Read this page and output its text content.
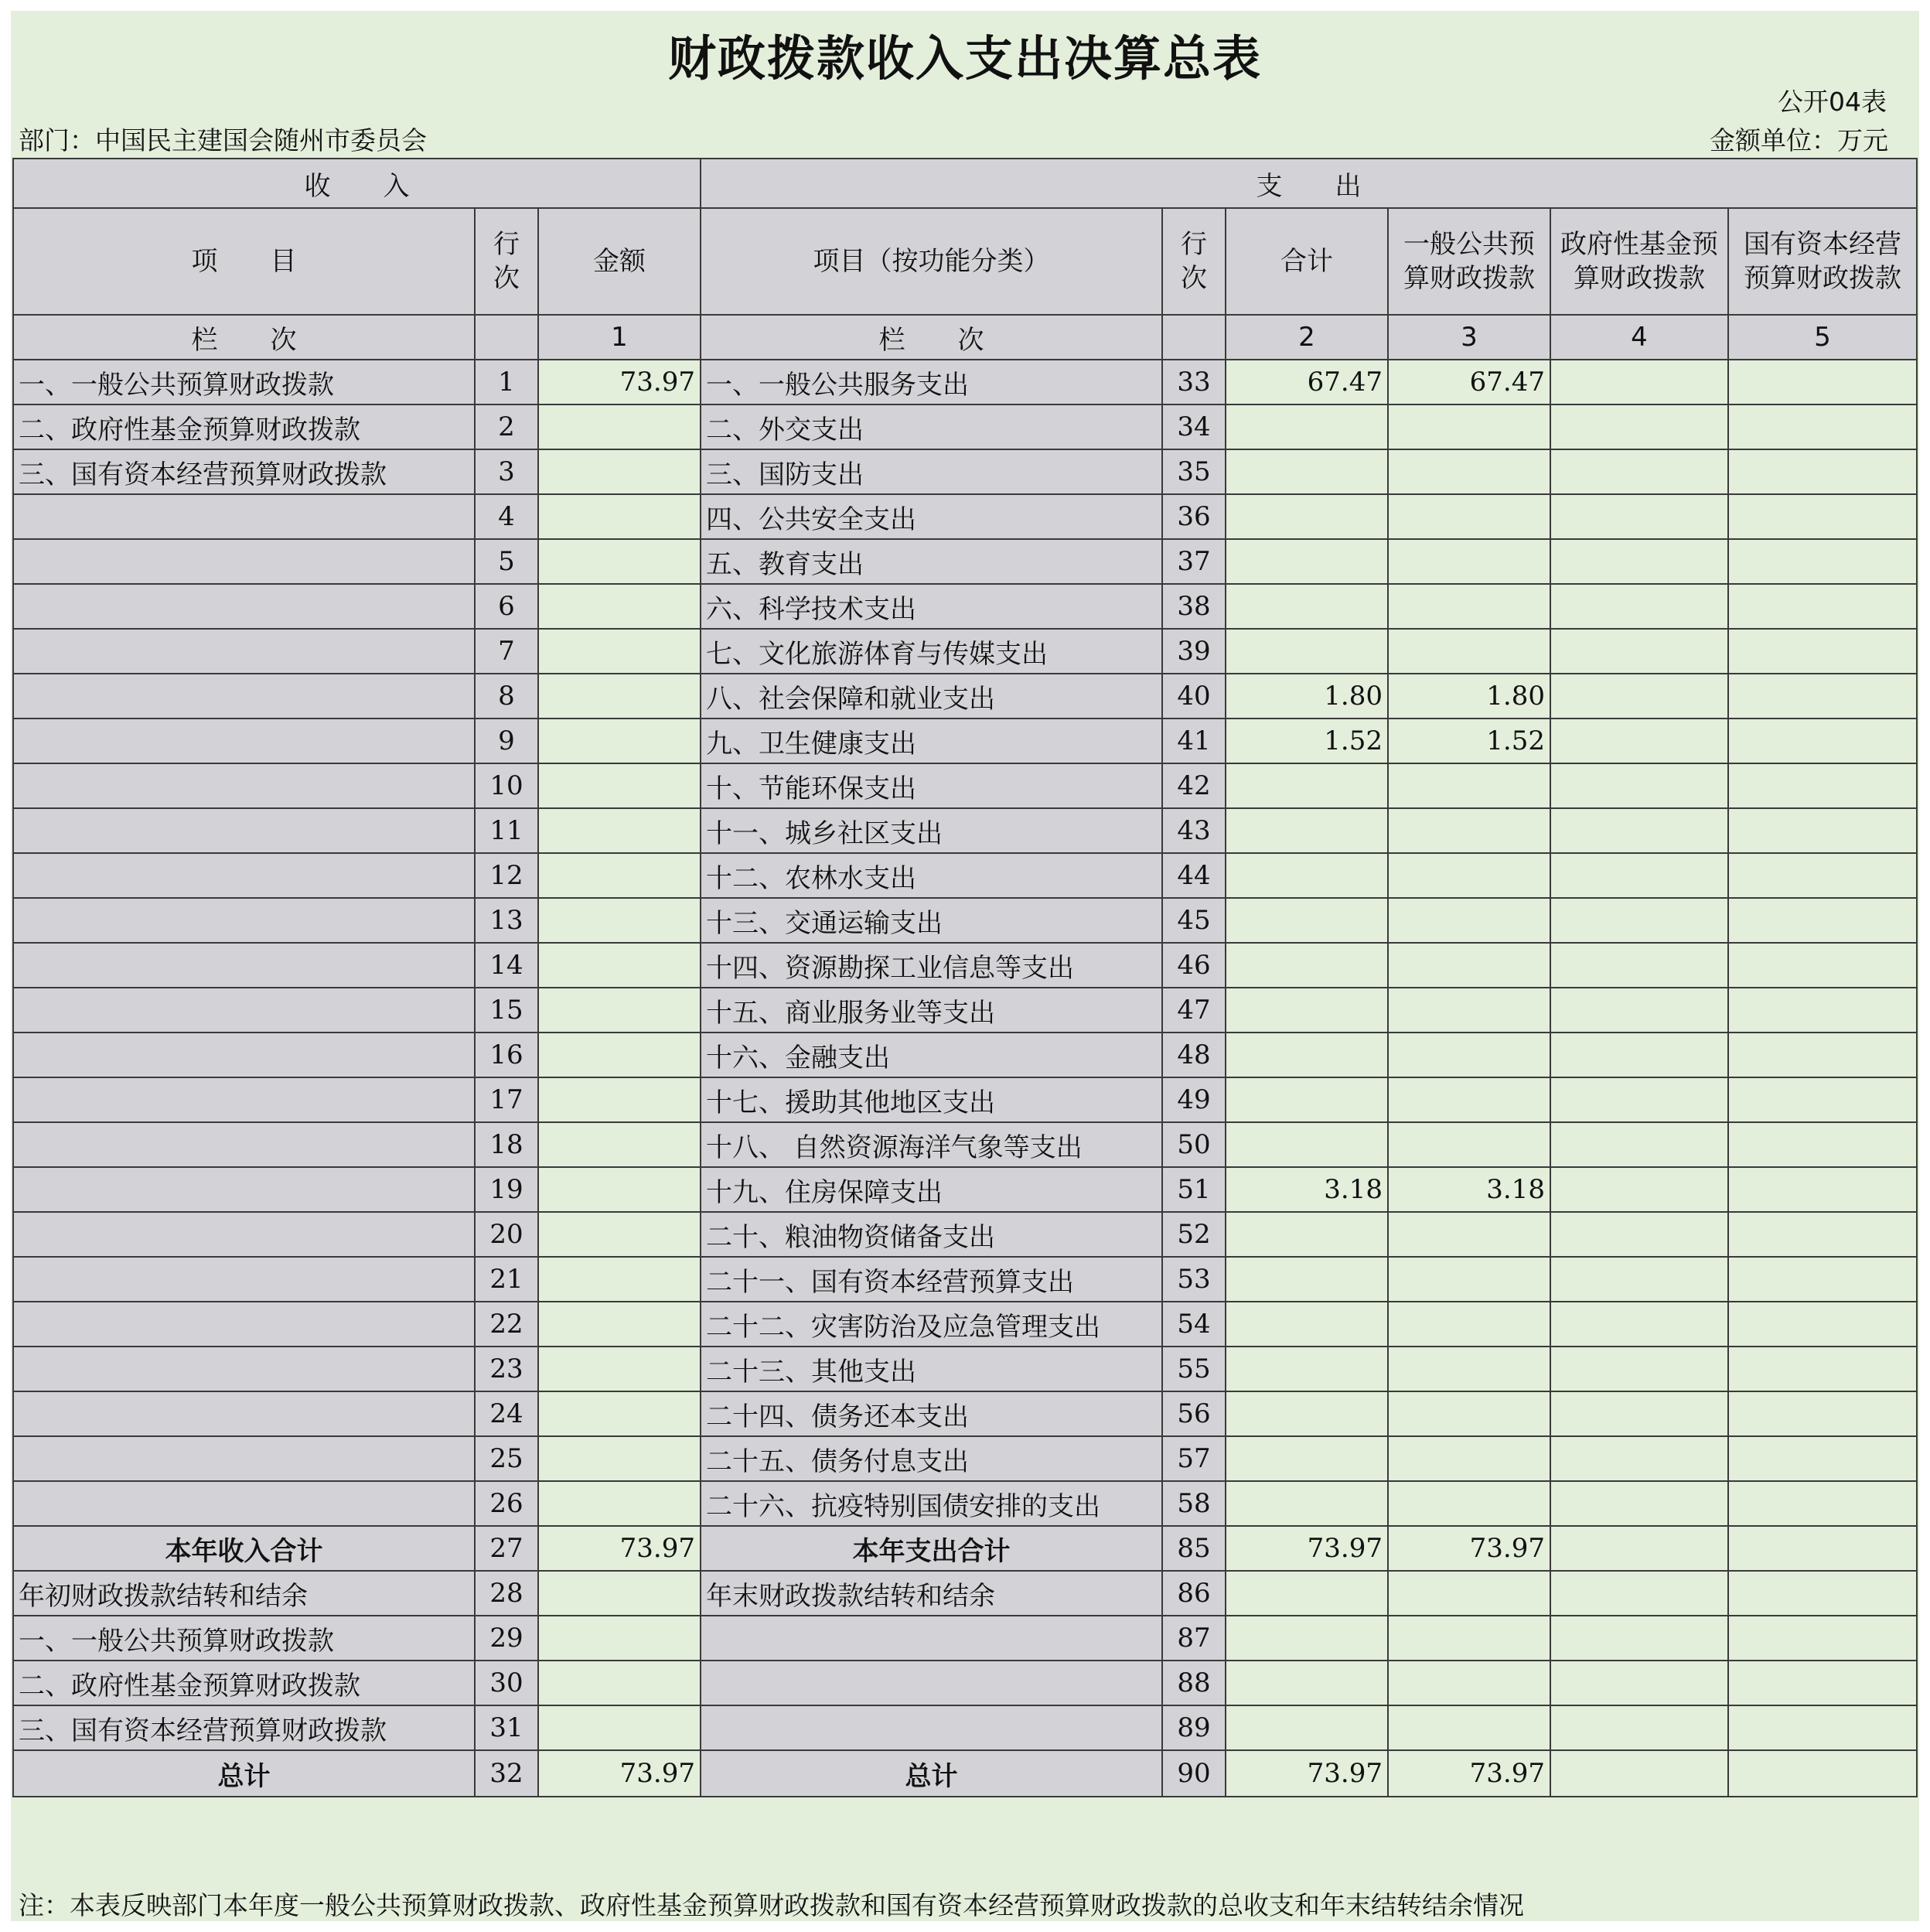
财政拨款收入支出决算总表
公开04表
部门：中国民主建国会随州市委员会	金额单位：万元
收　　入			支　　出					
项　　目	行次	金额	项目（按功能分类）	行次	合计	一般公共预算财政拨款	政府性基金预算财政拨款	国有资本经营预算财政拨款
栏　　次		1	栏　　次		2	3	4	5
一、一般公共预算财政拨款	1	73.97	一、一般公共服务支出	33	67.47	67.47		
二、政府性基金预算财政拨款	2		二、外交支出	34				
三、国有资本经营预算财政拨款	3		三、国防支出	35				
	4		四、公共安全支出	36				
	5		五、教育支出	37				
	6		六、科学技术支出	38				
	7		七、文化旅游体育与传媒支出	39				
	8		八、社会保障和就业支出	40	1.80	1.80		
	9		九、卫生健康支出	41	1.52	1.52		
	10		十、节能环保支出	42				
	11		十一、城乡社区支出	43				
	12		十二、农林水支出	44				
	13		十三、交通运输支出	45				
	14		十四、资源勘探工业信息等支出	46				
	15		十五、商业服务业等支出	47				
	16		十六、金融支出	48				
	17		十七、援助其他地区支出	49				
	18		十八、 自然资源海洋气象等支出	50				
	19		十九、住房保障支出	51	3.18	3.18		
	20		二十、粮油物资储备支出	52				
	21		二十一、国有资本经营预算支出	53				
	22		二十二、灾害防治及应急管理支出	54				
	23		二十三、其他支出	55				
	24		二十四、债务还本支出	56				
	25		二十五、债务付息支出	57				
	26		二十六、抗疫特别国债安排的支出	58				
本年收入合计	27	73.97	本年支出合计	85	73.97	73.97		
年初财政拨款结转和结余	28		年末财政拨款结转和结余	86				
一、一般公共预算财政拨款	29			87				
二、政府性基金预算财政拨款	30			88				
三、国有资本经营预算财政拨款	31			89				
总计	32	73.97	总计	90	73.97	73.97		
注：本表反映部门本年度一般公共预算财政拨款、政府性基金预算财政拨款和国有资本经营预算财政拨款的总收支和年末结转结余情况
